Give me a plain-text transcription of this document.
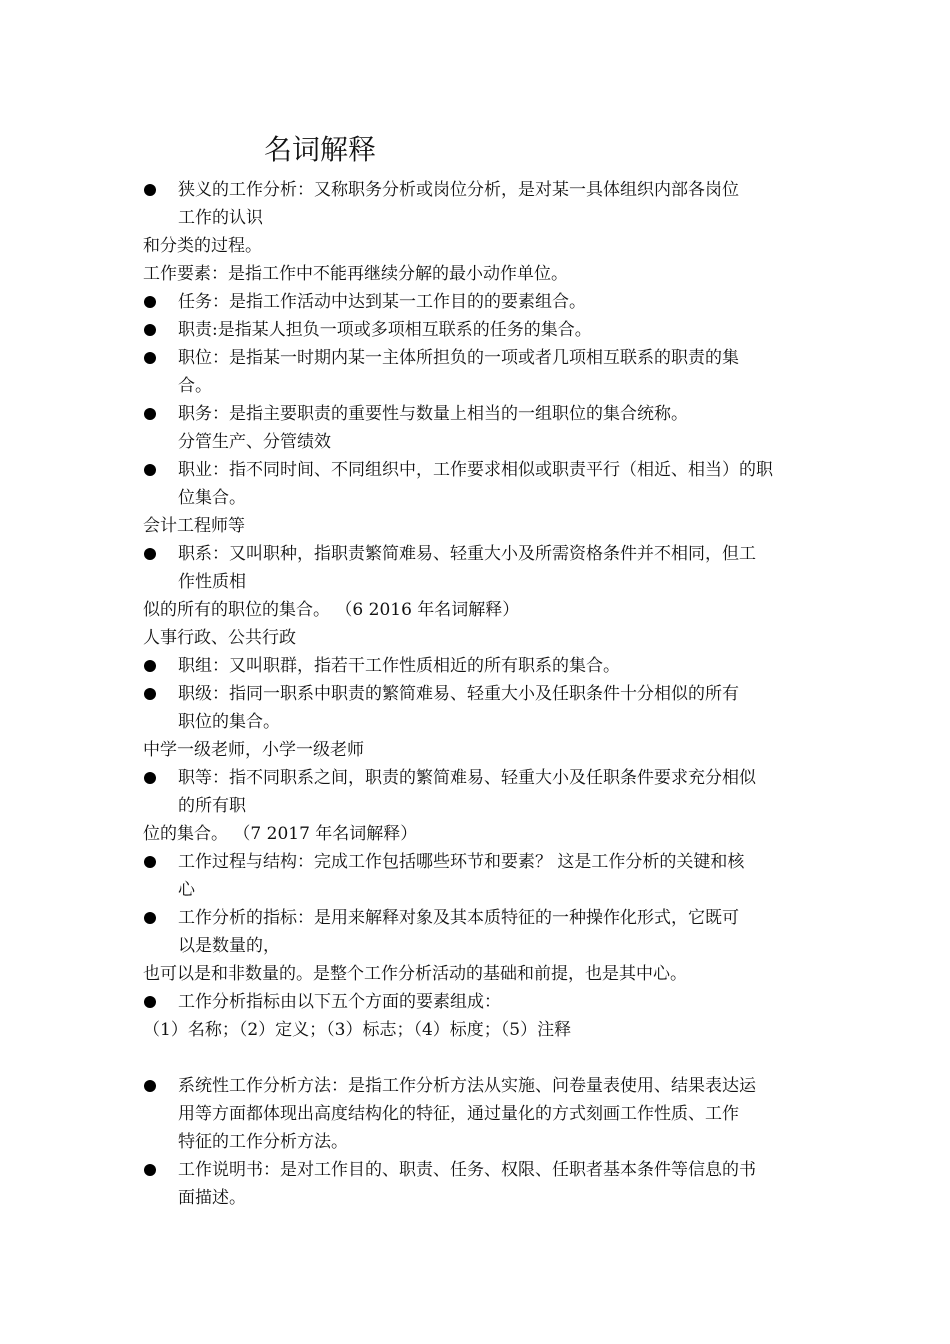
名词解释
狭义的工作分析：又称职务分析或岗位分析，是对某一具体组织内部各岗位
工作的认识
和分类的过程。
工作要素：是指工作中不能再继续分解的最小动作单位。
任务：是指工作活动中达到某一工作目的的要素组合。
职责:是指某人担负一项或多项相互联系的任务的集合。
职位：是指某一时期内某一主体所担负的一项或者几项相互联系的职责的集
合。
职务：是指主要职责的重要性与数量上相当的一组职位的集合统称。
分管生产、分管绩效
职业：指不同时间、不同组织中，工作要求相似或职责平行（相近、相当）的职
位集合。
会计工程师等
职系：又叫职种，指职责繁简难易、轻重大小及所需资格条件并不相同，但工
作性质相
似的所有的职位的集合。 （6 2016 年名词解释）
人事行政、公共行政
职组：又叫职群，指若干工作性质相近的所有职系的集合。
职级：指同一职系中职责的繁简难易、轻重大小及任职条件十分相似的所有
职位的集合。
中学一级老师，小学一级老师
职等：指不同职系之间，职责的繁简难易、轻重大小及任职条件要求充分相似
的所有职
位的集合。 （7 2017 年名词解释）
工作过程与结构：完成工作包括哪些环节和要素？ 这是工作分析的关键和核
心
工作分析的指标：是用来解释对象及其本质特征的一种操作化形式，它既可
以是数量的，
也可以是和非数量的。是整个工作分析活动的基础和前提，也是其中心。
工作分析指标由以下五个方面的要素组成：
（1）名称；（2）定义；（3）标志；（4）标度；（5）注释
系统性工作分析方法：是指工作分析方法从实施、问卷量表使用、结果表达运
用等方面都体现出高度结构化的特征，通过量化的方式刻画工作性质、工作
特征的工作分析方法。
工作说明书：是对工作目的、职责、任务、权限、任职者基本条件等信息的书
面描述。
